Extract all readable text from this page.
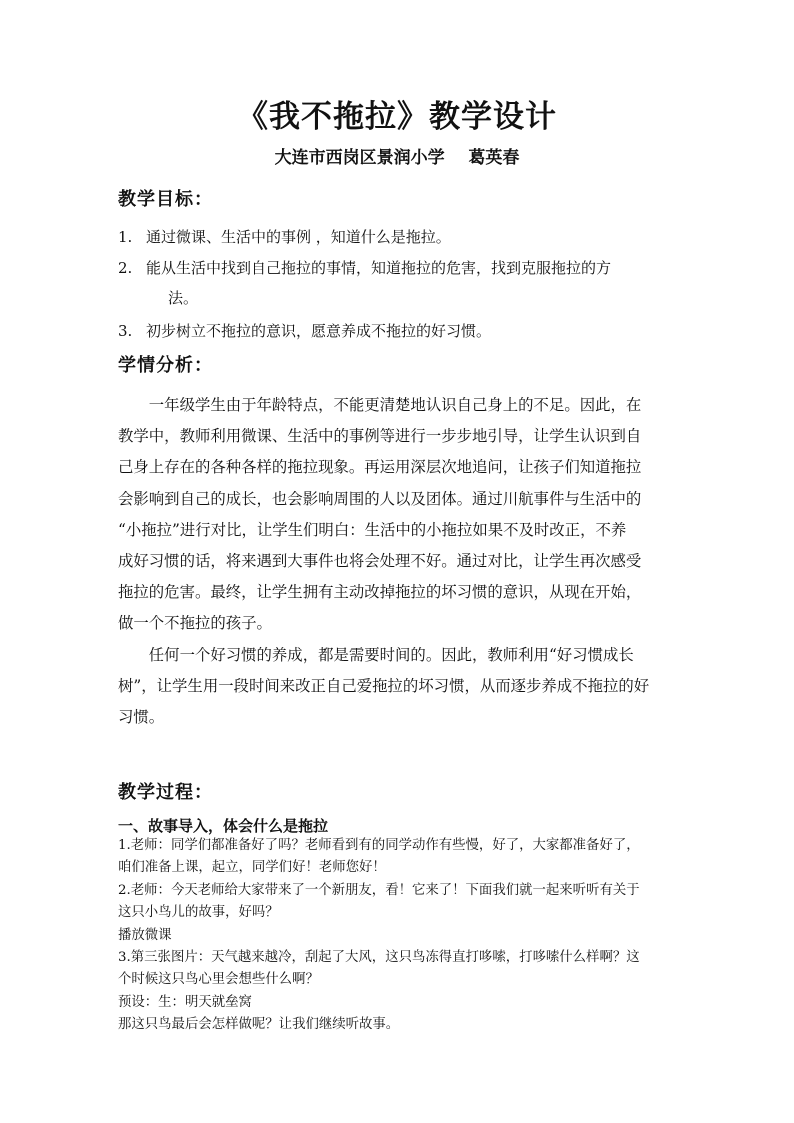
《我不拖拉》教学设计
大连市西岗区景润小学    葛英春
教学目标：
1. 通过微课、生活中的事例 ，知道什么是拖拉。
2. 能从生活中找到自己拖拉的事情，知道拖拉的危害，找到克服拖拉的方
法。
3. 初步树立不拖拉的意识，愿意养成不拖拉的好习惯。
学情分析：
　　一年级学生由于年龄特点，不能更清楚地认识自己身上的不足。因此，在
教学中，教师利用微课、生活中的事例等进行一步步地引导，让学生认识到自
己身上存在的各种各样的拖拉现象。再运用深层次地追问，让孩子们知道拖拉
会影响到自己的成长，也会影响周围的人以及团体。通过川航事件与生活中的
“小拖拉”进行对比，让学生们明白：生活中的小拖拉如果不及时改正，不养
成好习惯的话，将来遇到大事件也将会处理不好。通过对比，让学生再次感受
拖拉的危害。最终，让学生拥有主动改掉拖拉的坏习惯的意识，从现在开始，
做一个不拖拉的孩子。
　　任何一个好习惯的养成，都是需要时间的。因此，教师利用“好习惯成长
树”，让学生用一段时间来改正自己爱拖拉的坏习惯，从而逐步养成不拖拉的好
习惯。
教学过程：
一、故事导入，体会什么是拖拉
1.老师：同学们都准备好了吗？老师看到有的同学动作有些慢，好了，大家都准备好了，
咱们准备上课，起立，同学们好！老师您好！
2.老师：今天老师给大家带来了一个新朋友，看！它来了！下面我们就一起来听听有关于
这只小鸟儿的故事，好吗？
播放微课
3.第三张图片：天气越来越冷，刮起了大风，这只鸟冻得直打哆嗦，打哆嗦什么样啊？这
个时候这只鸟心里会想些什么啊？
预设：生：明天就垒窝
那这只鸟最后会怎样做呢？让我们继续听故事。
